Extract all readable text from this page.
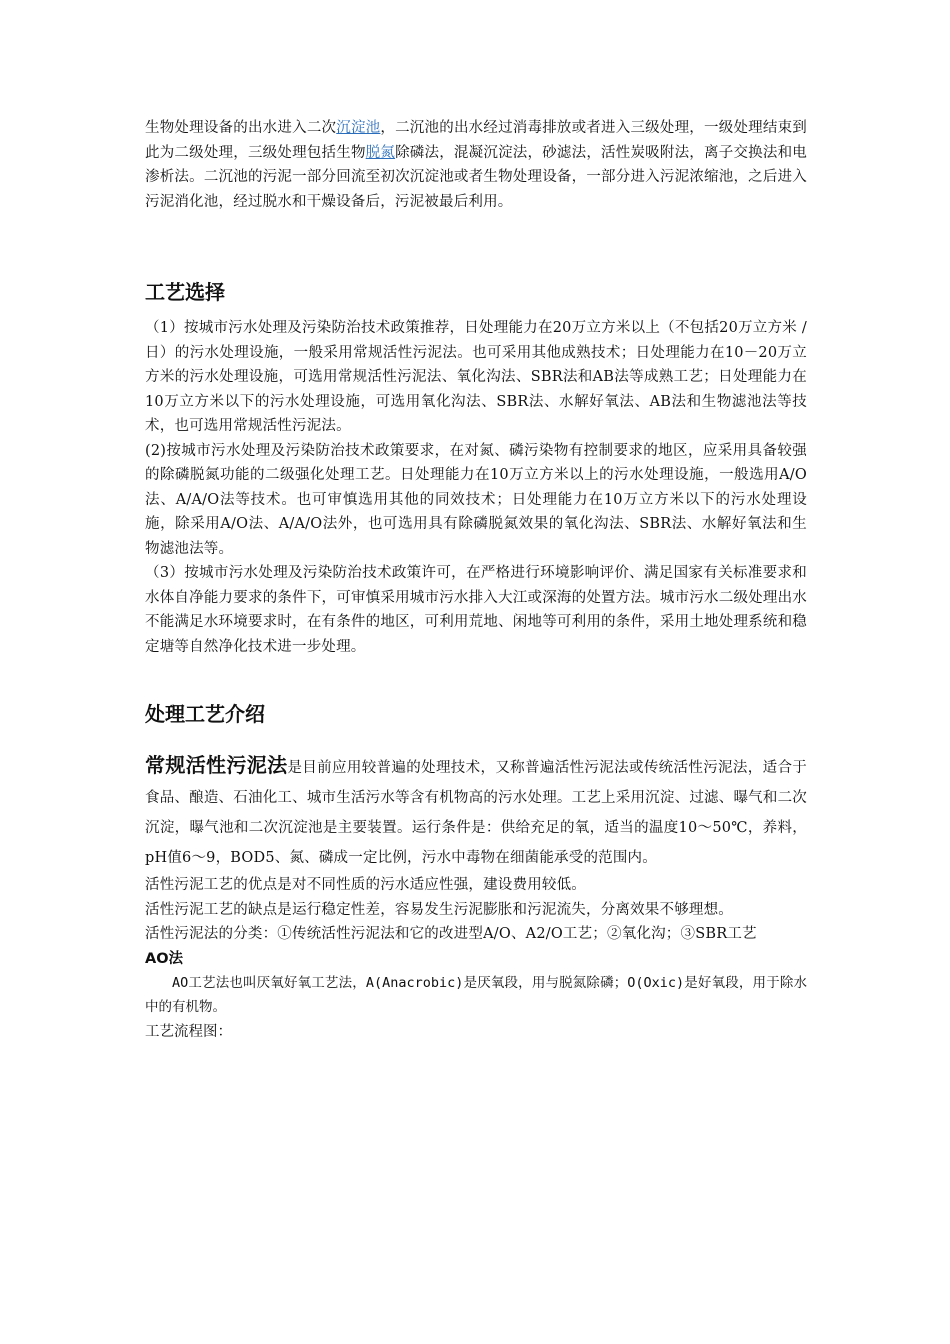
生物处理设备的出水进入二次沉淀池，二沉池的出水经过消毒排放或者进入三级处理，一级处理结束到此为二级处理，三级处理包括生物脱氮除磷法，混凝沉淀法，砂滤法，活性炭吸附法，离子交换法和电渗析法。二沉池的污泥一部分回流至初次沉淀池或者生物处理设备，一部分进入污泥浓缩池，之后进入污泥消化池，经过脱水和干燥设备后，污泥被最后利用。

工艺选择

（1）按城市污水处理及污染防治技术政策推荐，日处理能力在20万立方米以上（不包括20万立方米 / 日）的污水处理设施，一般采用常规活性污泥法。也可采用其他成熟技术；日处理能力在10－20万立方米的污水处理设施，可选用常规活性污泥法、氧化沟法、SBR法和AB法等成熟工艺；日处理能力在10万立方米以下的污水处理设施，可选用氧化沟法、SBR法、水解好氧法、AB法和生物滤池法等技术，也可选用常规活性污泥法。

(2)按城市污水处理及污染防治技术政策要求，在对氮、磷污染物有控制要求的地区，应采用具备较强的除磷脱氮功能的二级强化处理工艺。日处理能力在10万立方米以上的污水处理设施，一般选用A/O法、A/A/O法等技术。也可审慎选用其他的同效技术；日处理能力在10万立方米以下的污水处理设施，除采用A/O法、A/A/O法外，也可选用具有除磷脱氮效果的氧化沟法、SBR法、水解好氧法和生物滤池法等。

（3）按城市污水处理及污染防治技术政策许可，在严格进行环境影响评价、满足国家有关标准要求和水体自净能力要求的条件下，可审慎采用城市污水排入大江或深海的处置方法。城市污水二级处理出水不能满足水环境要求时，在有条件的地区，可利用荒地、闲地等可利用的条件，采用土地处理系统和稳定塘等自然净化技术进一步处理。

处理工艺介绍

常规活性污泥法是目前应用较普遍的处理技术，又称普遍活性污泥法或传统活性污泥法，适合于食品、酿造、石油化工、城市生活污水等含有机物高的污水处理。工艺上采用沉淀、过滤、曝气和二次沉淀，曝气池和二次沉淀池是主要装置。运行条件是：供给充足的氧，适当的温度10～50℃，养料，pH值6～9，BOD5、氮、磷成一定比例，污水中毒物在细菌能承受的范围内。

活性污泥工艺的优点是对不同性质的污水适应性强，建设费用较低。

活性污泥工艺的缺点是运行稳定性差，容易发生污泥膨胀和污泥流失，分离效果不够理想。

活性污泥法的分类：①传统活性污泥法和它的改进型A/O、A2/O工艺；②氧化沟；③SBR工艺

AO法

AO工艺法也叫厌氧好氧工艺法，A(Anacrobic)是厌氧段，用与脱氮除磷；O(Oxic)是好氧段，用于除水中的有机物。

工艺流程图：
